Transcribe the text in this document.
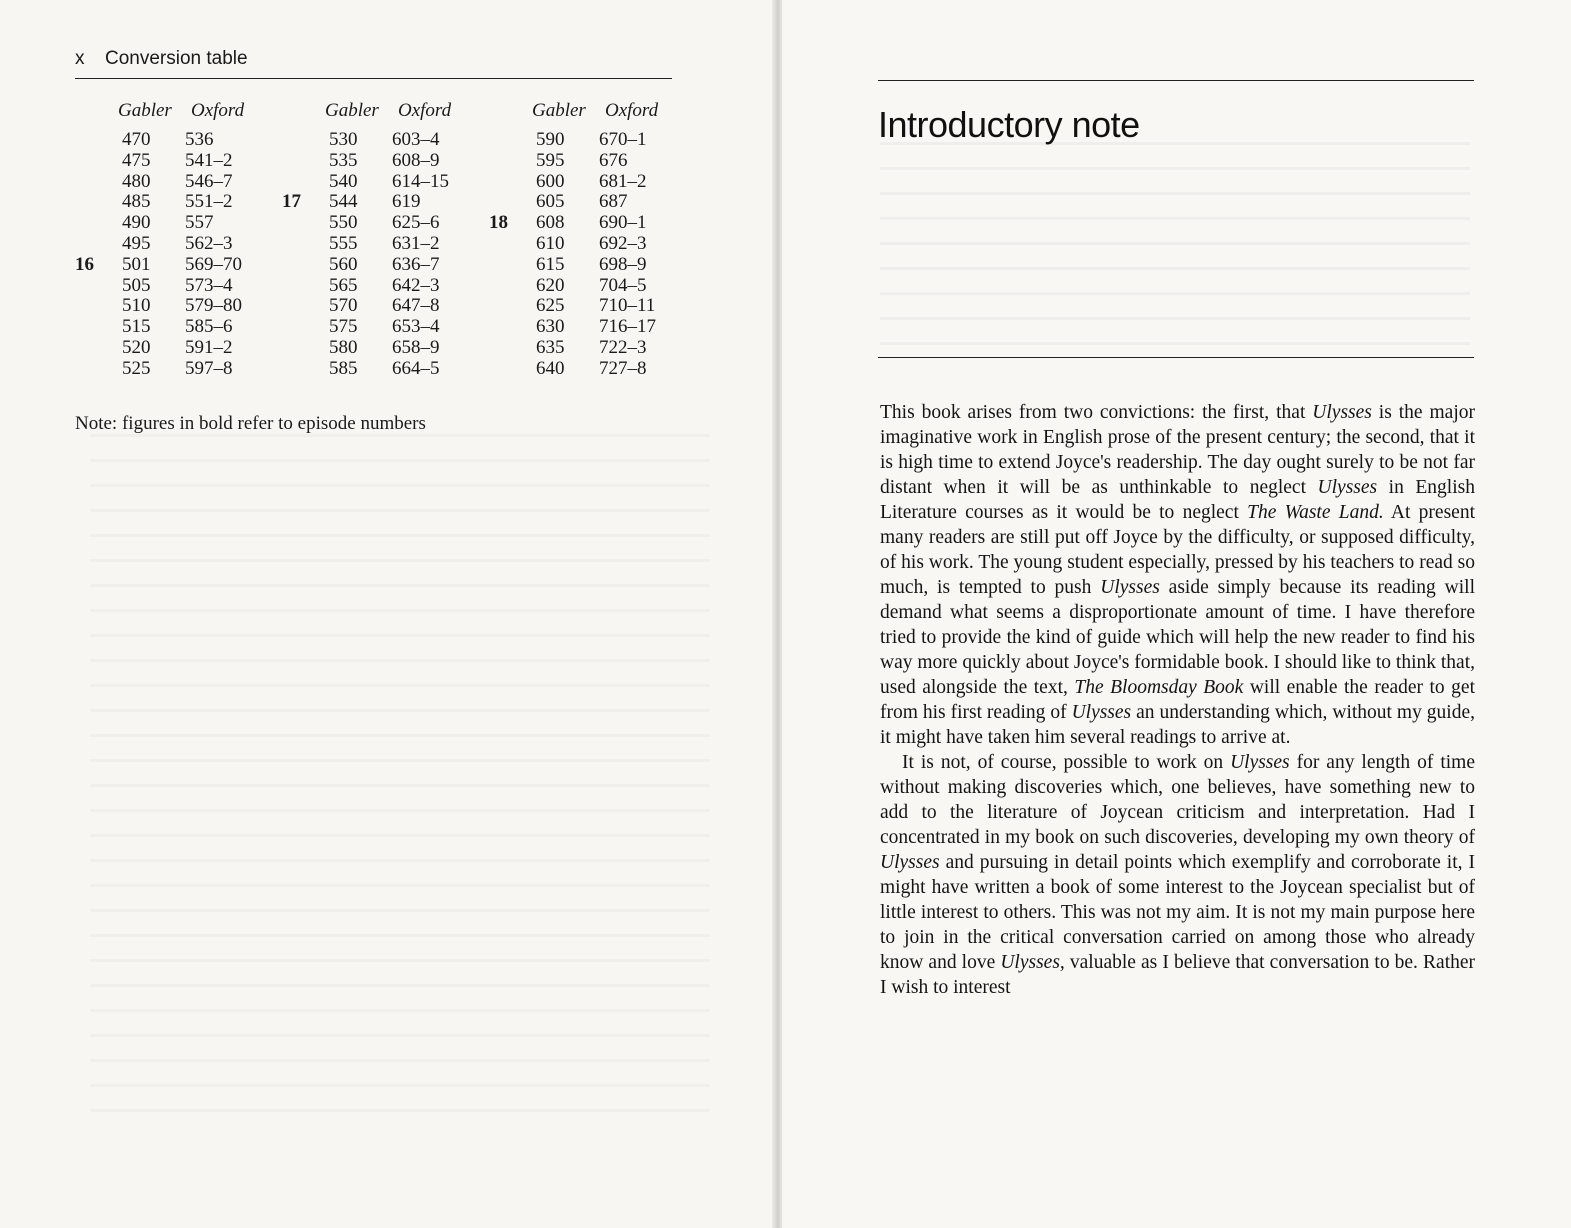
x Conversion table
Gabler Oxford
470 536
475 541–2
480 546–7
485 551–2
490 557
495 562–3
16 501 569–70
505 573–4
510 579–80
515 585–6
520 591–2
525 597–8
Gabler Oxford
530 603–4
535 608–9
540 614–15
17 544 619
550 625–6
555 631–2
560 636–7
565 642–3
570 647–8
575 653–4
580 658–9
585 664–5
Gabler Oxford
590 670–1
595 676
600 681–2
605 687
18 608 690–1
610 692–3
615 698–9
620 704–5
625 710–11
630 716–17
635 722–3
640 727–8
Note: figures in bold refer to episode numbers
Introductory note

This book arises from two convictions: the first, that Ulysses is the major imaginative work in English prose of the present century; the second, that it is high time to extend Joyce's readership. The day ought surely to be not far distant when it will be as unthinkable to neglect Ulysses in English Literature courses as it would be to neglect The Waste Land. At present many readers are still put off Joyce by the difficulty, or supposed difficulty, of his work. The young student especially, pressed by his teachers to read so much, is tempted to push Ulysses aside simply because its reading will demand what seems a disproportionate amount of time. I have therefore tried to provide the kind of guide which will help the new reader to find his way more quickly about Joyce's formidable book. I should like to think that, used alongside the text, The Bloomsday Book will enable the reader to get from his first reading of Ulysses an understanding which, without my guide, it might have taken him several readings to arrive at.

It is not, of course, possible to work on Ulysses for any length of time without making discoveries which, one believes, have something new to add to the literature of Joycean criticism and interpretation. Had I concentrated in my book on such discoveries, developing my own theory of Ulysses and pursuing in detail points which exemplify and corroborate it, I might have written a book of some interest to the Joycean specialist but of little interest to others. This was not my aim. It is not my main purpose here to join in the critical conversation carried on among those who already know and love Ulysses, valuable as I believe that conversation to be. Rather I wish to interest
